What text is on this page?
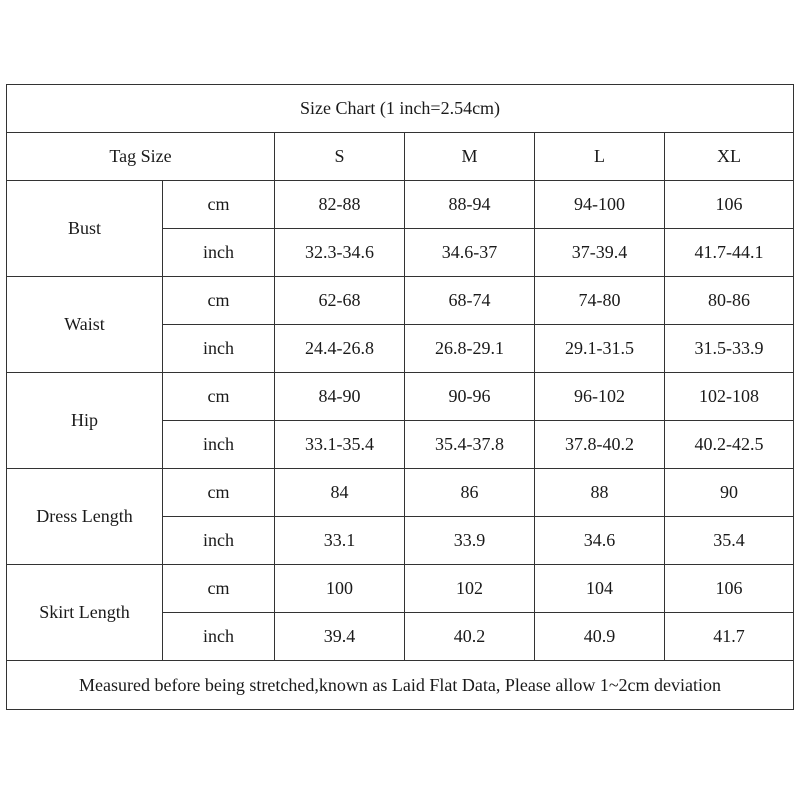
Size Chart (1 inch=2.54cm)					
Tag Size		S	M	L	XL
Bust	cm	82-88	88-94	94-100	106
	inch	32.3-34.6	34.6-37	37-39.4	41.7-44.1
Waist	cm	62-68	68-74	74-80	80-86
	inch	24.4-26.8	26.8-29.1	29.1-31.5	31.5-33.9
Hip	cm	84-90	90-96	96-102	102-108
	inch	33.1-35.4	35.4-37.8	37.8-40.2	40.2-42.5
Dress Length	cm	84	86	88	90
	inch	33.1	33.9	34.6	35.4
Skirt Length	cm	100	102	104	106
	inch	39.4	40.2	40.9	41.7
Measured before being stretched,known as Laid Flat Data, Please allow 1~2cm deviation					
